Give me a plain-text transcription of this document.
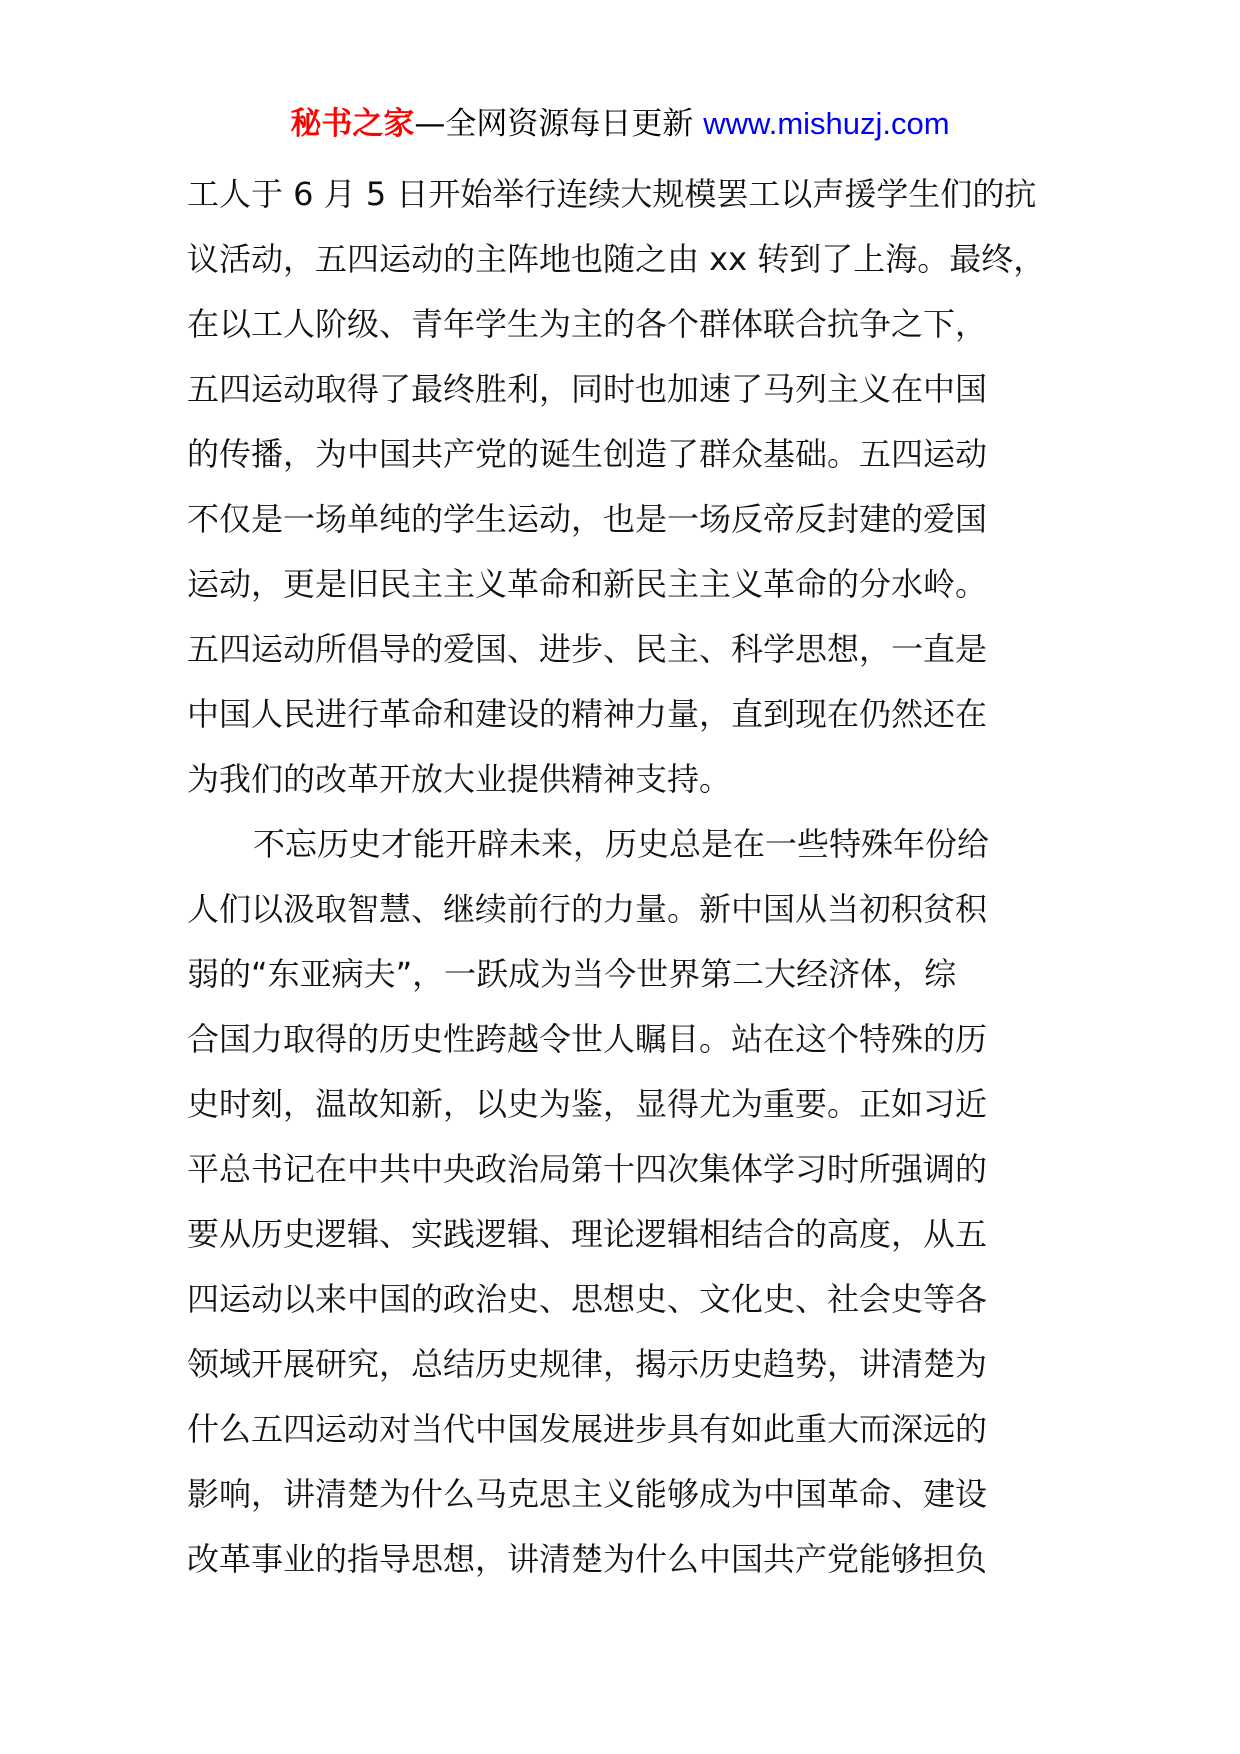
秘书之家—全网资源每日更新 www.mishuzj.com
工人于 6 月 5 日开始举行连续大规模罢工以声援学生们的抗
议活动，五四运动的主阵地也随之由 xx 转到了上海。最终，
在以工人阶级、青年学生为主的各个群体联合抗争之下，
五四运动取得了最终胜利，同时也加速了马列主义在中国
的传播，为中国共产党的诞生创造了群众基础。五四运动
不仅是一场单纯的学生运动，也是一场反帝反封建的爱国
运动，更是旧民主主义革命和新民主主义革命的分水岭。
五四运动所倡导的爱国、进步、民主、科学思想，一直是
中国人民进行革命和建设的精神力量，直到现在仍然还在
为我们的改革开放大业提供精神支持。
不忘历史才能开辟未来，历史总是在一些特殊年份给
人们以汲取智慧、继续前行的力量。新中国从当初积贫积
弱的“东亚病夫”，一跃成为当今世界第二大经济体，综
合国力取得的历史性跨越令世人瞩目。站在这个特殊的历
史时刻，温故知新，以史为鉴，显得尤为重要。正如习近
平总书记在中共中央政治局第十四次集体学习时所强调的
要从历史逻辑、实践逻辑、理论逻辑相结合的高度，从五
四运动以来中国的政治史、思想史、文化史、社会史等各
领域开展研究，总结历史规律，揭示历史趋势，讲清楚为
什么五四运动对当代中国发展进步具有如此重大而深远的
影响，讲清楚为什么马克思主义能够成为中国革命、建设
改革事业的指导思想，讲清楚为什么中国共产党能够担负
